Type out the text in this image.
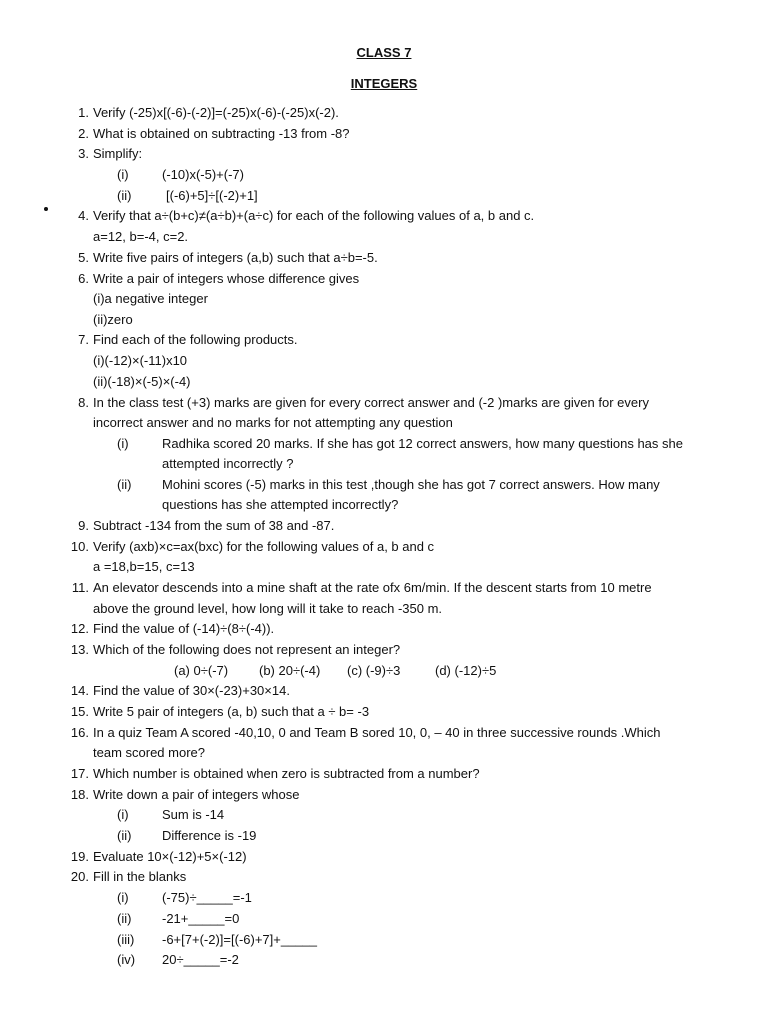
CLASS 7
INTEGERS
1. Verify (-25)x[(-6)-(-2)]=(-25)x(-6)-(-25)x(-2).
2. What is obtained on subtracting -13 from -8?
3. Simplify:
(i)	(-10)x(-5)+(-7)
(ii)	[(-6)+5]÷[(-2)+1]
4. Verify that a÷(b+c)≠(a÷b)+(a÷c) for each of the following values of a, b and c.
a=12, b=-4, c=2.
5. Write five pairs of integers (a,b) such that a÷b=-5.
6. Write a pair of integers whose difference gives
(i)a negative integer
(ii)zero
7. Find each of the following products.
(i)(-12)×(-11)x10
(ii)(-18)×(-5)×(-4)
8. In the class test (+3) marks are given for every correct answer and (-2 )marks are given for every
incorrect answer and no marks for not attempting any question
(i)	Radhika scored 20 marks. If she has got 12 correct answers, how many questions has she
attempted incorrectly ?
(ii) Mohini scores (-5) marks in this test ,though she has got 7 correct answers. How many
questions has she attempted incorrectly?
9. Subtract -134 from the sum of 38 and -87.
10. Verify (axb)×c=ax(bxc) for the following values of a, b and c
a =18,b=15, c=13
11. An elevator descends into a mine shaft at the rate ofx 6m/min. If the descent starts from 10 metre
above the ground level, how long will it take to reach -350 m.
12. Find the value of (-14)÷(8÷(-4)).
13. Which of the following does not represent an integer?
(a) 0÷(-7) (b) 20÷(-4) (c) (-9)÷3	(d) (-12)÷5
14. Find the value of 30×(-23)+30×14.
15. Write 5 pair of integers (a, b) such that a ÷ b= -3
16. In a quiz Team A scored -40,10, 0 and Team B sored 10, 0, – 40 in three successive rounds .Which
team scored more?
17. Which number is obtained when zero is subtracted from a number?
18. Write down a pair of integers whose
(i)	Sum is -14
(ii) Difference is -19
19. Evaluate 10×(-12)+5×(-12)
20. Fill in the blanks
(i)	(-75)÷_____=-1
(ii) -21+_____=0
(iii) -6+[7+(-2)]=[(-6)+7]+_____
(iv) 20÷_____=-2
